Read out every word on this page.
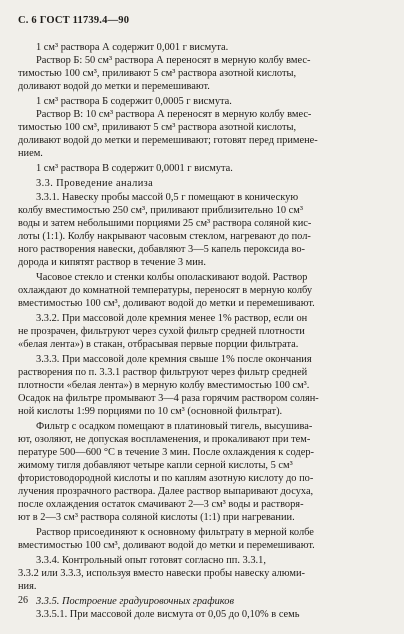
С. 6 ГОСТ 11739.4—90
1 см³ раствора А содержит 0,001 г висмута.
Раствор Б: 50 см³ раствора А переносят в мерную колбу вмес-
тимостью 100 см³, приливают 5 см³ раствора азотной кислоты,
доливают водой до метки и перемешивают.
1 см³ раствора Б содержит 0,0005 г висмута.
Раствор В: 10 см³ раствора А переносят в мерную колбу вмес-
тимостью 100 см³, приливают 5 см³ раствора азотной кислоты,
доливают водой до метки и перемешивают; готовят перед примене-
нием.
1 см³ раствора В содержит 0,0001 г висмута.
3.3. Проведение анализа
3.3.1. Навеску пробы массой 0,5 г помещают в коническую
колбу вместимостью 250 см³, приливают приблизительно 10 см³
воды и затем небольшими порциями 25 см³ раствора соляной кис-
лоты (1:1). Колбу накрывают часовым стеклом, нагревают до пол-
ного растворения навески, добавляют 3—5 капель пероксида во-
дорода и кипятят раствор в течение 3 мин.
Часовое стекло и стенки колбы ополаскивают водой. Раствор
охлаждают до комнатной температуры, переносят в мерную колбу
вместимостью 100 см³, доливают водой до метки и перемешивают.
3.3.2. При массовой доле кремния менее 1% раствор, если он
не прозрачен, фильтруют через сухой фильтр средней плотности
«белая лента») в стакан, отбрасывая первые порции фильтрата.
3.3.3. При массовой доле кремния свыше 1% после окончания
растворения по п. 3.3.1 раствор фильтруют через фильтр средней
плотности «белая лента») в мерную колбу вместимостью 100 см³.
Осадок на фильтре промывают 3—4 раза горячим раствором солян-
ной кислоты 1:99 порциями по 10 см³ (основной фильтрат).
Фильтр с осадком помещают в платиновый тигель, высушива-
ют, озоляют, не допуская воспламенения, и прокаливают при тем-
пературе 500—600 °С в течение 3 мин. После охлаждения к содер-
жимому тигля добавляют четыре капли серной кислоты, 5 см³
фтористоводородной кислоты и по каплям азотную кислоту до по-
лучения прозрачного раствора. Далее раствор выпаривают досуха,
после охлаждения остаток смачивают 2—3 см³ воды и растворя-
ют в 2—3 см³ раствора соляной кислоты (1:1) при нагревании.
Раствор присоединяют к основному фильтрату в мерной колбе
вместимостью 100 см³, доливают водой до метки и перемешивают.
3.3.4. Контрольный опыт готовят согласно пп. 3.3.1,
3.3.2 или 3.3.3, используя вместо навески пробы навеску алюми-
ния.
3.3.5. Построение градуировочных графиков
3.3.5.1. При массовой доле висмута от 0,05 до 0,10% в семь
26
